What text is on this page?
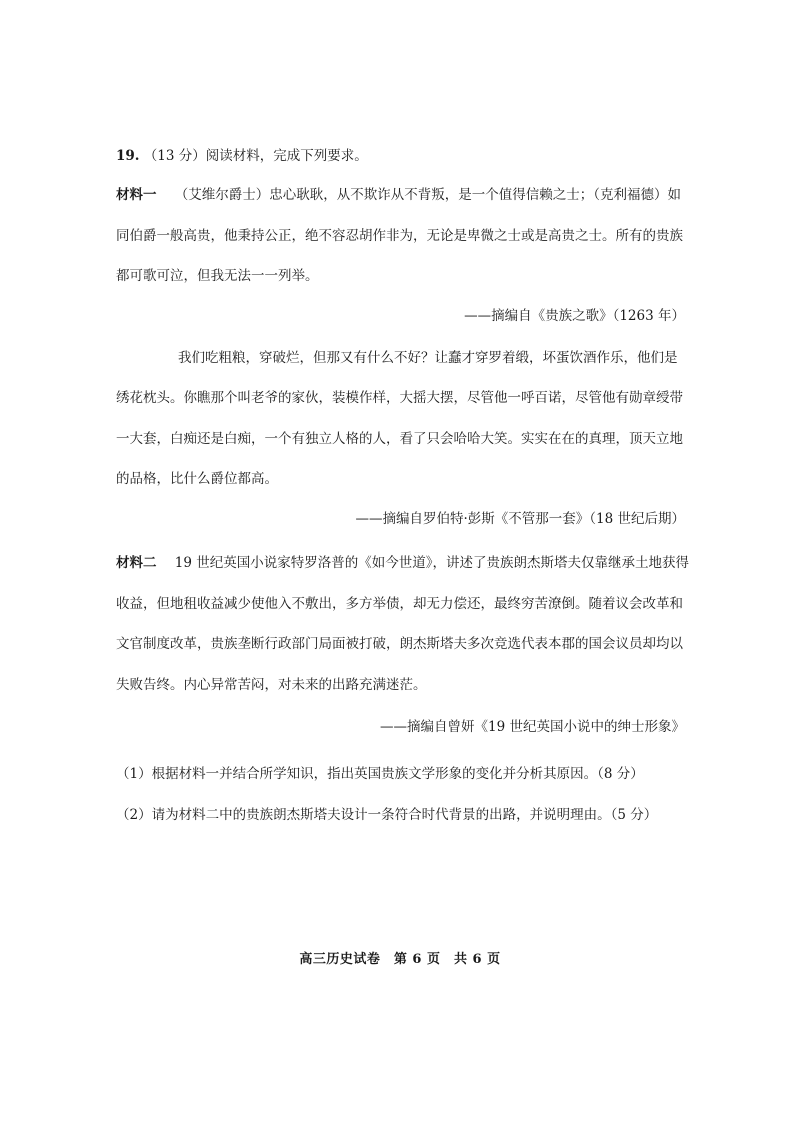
19. （13 分）阅读材料，完成下列要求。
材料一 （艾维尔爵士）忠心耿耿，从不欺诈从不背叛，是一个值得信赖之士；（克利福德）如
同伯爵一般高贵，他秉持公正，绝不容忍胡作非为，无论是卑微之士或是高贵之士。所有的贵族
都可歌可泣，但我无法一一列举。
——摘编自《贵族之歌》（1263 年）
我们吃粗粮，穿破烂，但那又有什么不好？让蠢才穿罗着缎，坏蛋饮酒作乐，他们是
绣花枕头。你瞧那个叫老爷的家伙，装模作样，大摇大摆，尽管他一呼百诺，尽管他有勋章绶带
一大套，白痴还是白痴，一个有独立人格的人，看了只会哈哈大笑。实实在在的真理，顶天立地
的品格，比什么爵位都高。
——摘编自罗伯特·彭斯《不管那一套》（18 世纪后期）
材料二 19 世纪英国小说家特罗洛普的《如今世道》，讲述了贵族朗杰斯塔夫仅靠继承土地获得
收益，但地租收益减少使他入不敷出，多方举债，却无力偿还，最终穷苦潦倒。随着议会改革和
文官制度改革，贵族垄断行政部门局面被打破，朗杰斯塔夫多次竞选代表本郡的国会议员却均以
失败告终。内心异常苦闷，对未来的出路充满迷茫。
——摘编自曾妍《19 世纪英国小说中的绅士形象》
（1）根据材料一并结合所学知识，指出英国贵族文学形象的变化并分析其原因。（8 分）
（2）请为材料二中的贵族朗杰斯塔夫设计一条符合时代背景的出路，并说明理由。（5 分）
高三历史试卷　第 6 页　共 6 页
